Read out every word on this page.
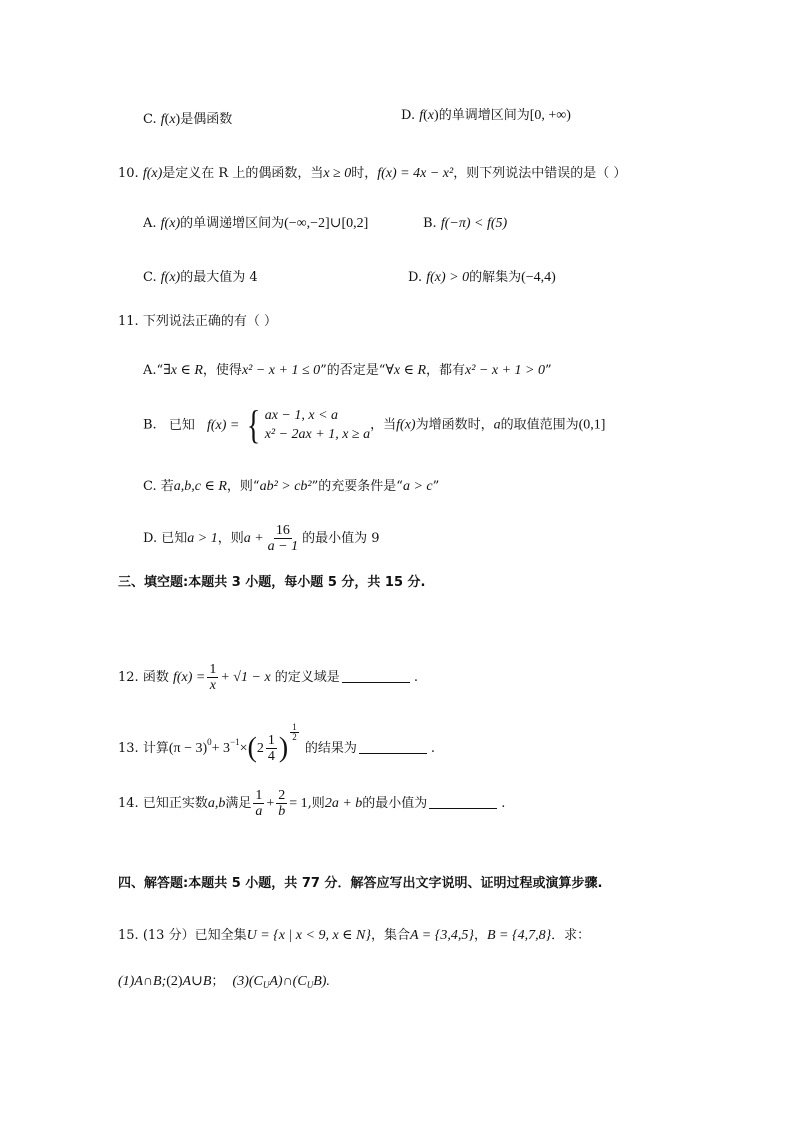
C. f(x)是偶函数	D. f(x)的单调增区间为[0, +∞)
10. f(x)是定义在 R 上的偶函数，当x ≥ 0时，f(x) = 4x − x²，则下列说法中错误的是（ ）
A. f(x)的单调递增区间为(−∞,−2]∪[0,2]	B. f(−π) < f(5)
C. f(x)的最大值为 4	D. f(x) > 0的解集为(−4,4)
11. 下列说法正确的有（ ）
A.“∃x ∈ R，使得x² − x + 1 ≤ 0”的否定是“∀x ∈ R，都有x² − x + 1 > 0”
B. 已知 f(x) = { ax − 1, x < a
x² − 2ax + 1, x ≥ a
，当f(x)为增函数时，a的取值范围为(0,1]
C. 若a,b,c ∈ R，则“ab² > cb²”的充要条件是“a > c”
D. 已知a > 1，则$a + \frac{16}{a - 1}$ 的最小值为 9
三、填空题:本题共 3 小题，每小题 5 分，共 15 分.
12. 函数 $f(x) = \frac{1}{x} + √1 - x$ 的定义域是	.
13. 计算$(\pi - 3)^0+ 3^{-1}\times(2 \frac{1}{4}$ ) $\frac{1}{2}$
的结果为	.
14. 已知正实数a,b满足 $\frac{1}{a} + \frac{2}{b} = 1$,则2a + b的最小值为	.
四、解答题:本题共 5 小题，共 77 分．解答应写出文字说明、证明过程或演算步骤.
15. (13 分）已知全集U = {x | x < 9, x ∈ N}，集合A = {3,4,5}，B = {4,7,8}．求：
(1)A∩B;(2)A∪B； $(3)(C_UA)\cap(C_UB)$.
